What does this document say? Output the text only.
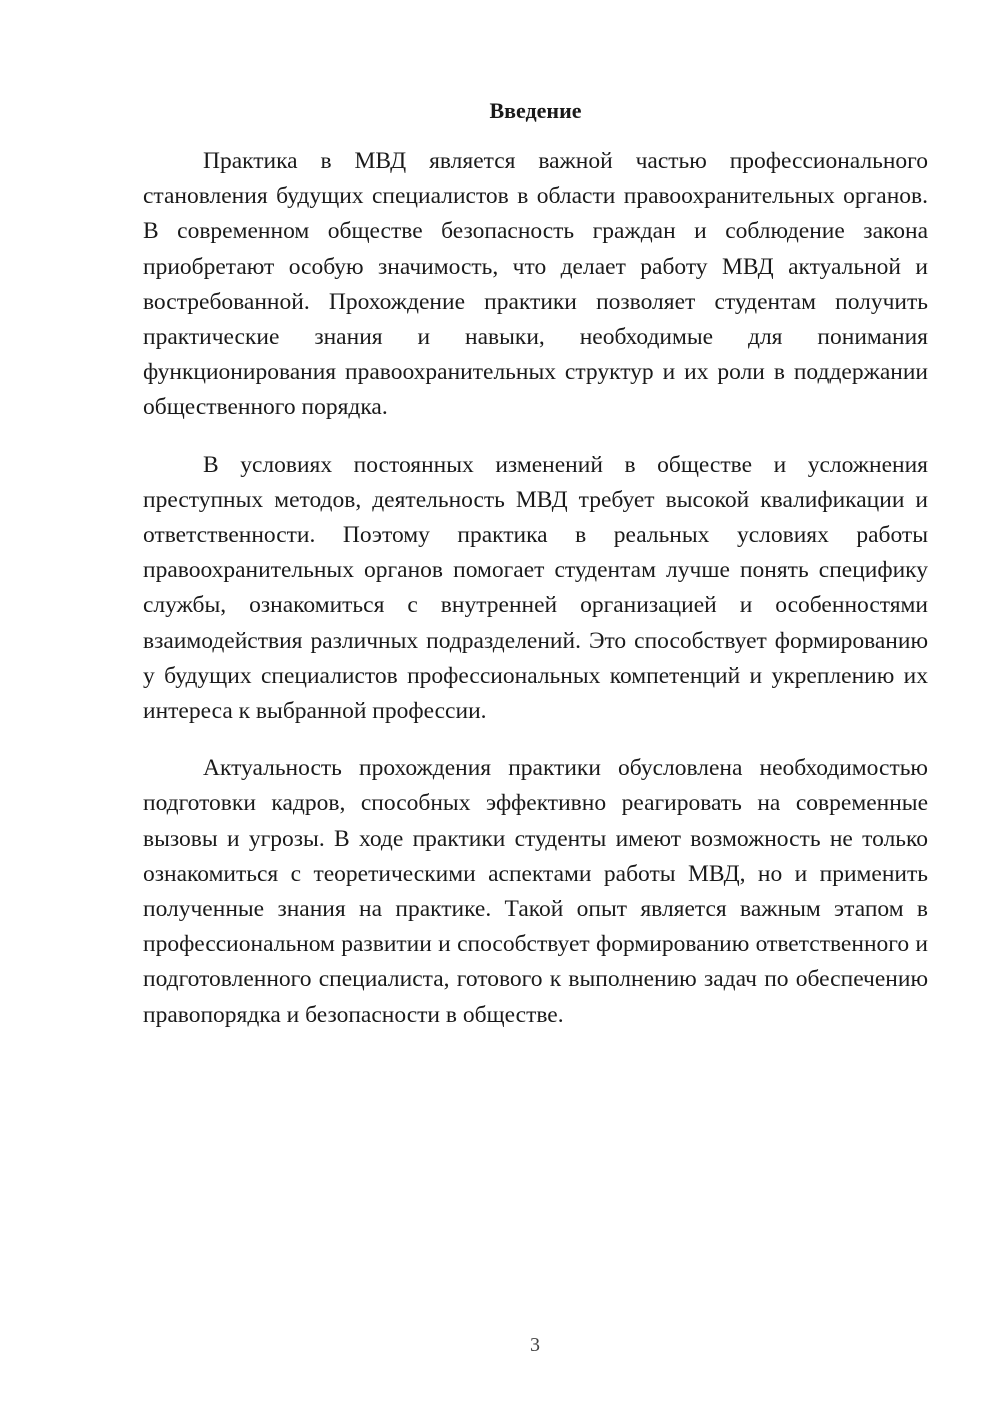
Введение

Практика в МВД является важной частью профессионального становления будущих специалистов в области правоохранительных органов. В современном обществе безопасность граждан и соблюдение закона приобретают особую значимость, что делает работу МВД актуальной и востребованной. Прохождение практики позволяет студентам получить практические знания и навыки, необходимые для понимания функционирования правоохранительных структур и их роли в поддержании общественного порядка.

В условиях постоянных изменений в обществе и усложнения преступных методов, деятельность МВД требует высокой квалификации и ответственности. Поэтому практика в реальных условиях работы правоохранительных органов помогает студентам лучше понять специфику службы, ознакомиться с внутренней организацией и особенностями взаимодействия различных подразделений. Это способствует формированию у будущих специалистов профессиональных компетенций и укреплению их интереса к выбранной профессии.

Актуальность прохождения практики обусловлена необходимостью подготовки кадров, способных эффективно реагировать на современные вызовы и угрозы. В ходе практики студенты имеют возможность не только ознакомиться с теоретическими аспектами работы МВД, но и применить полученные знания на практике. Такой опыт является важным этапом в профессиональном развитии и способствует формированию ответственного и подготовленного специалиста, готового к выполнению задач по обеспечению правопорядка и безопасности в обществе.

3
